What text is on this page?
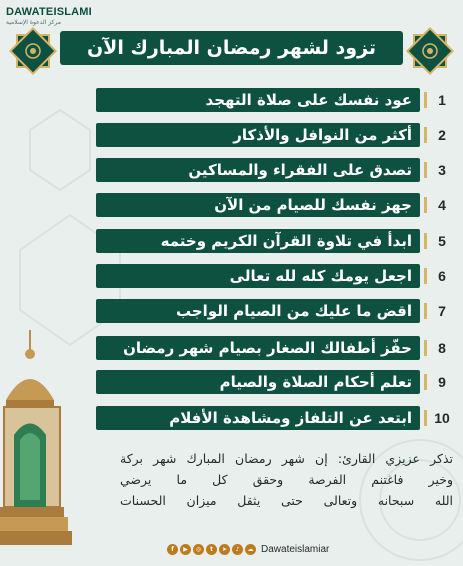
DAWATEISLAMI
مركز الدعوة الإسلامية
تزود لشهر رمضان المبارك الآن
عود نفسك على صلاة التهجد	1
أكثر من النوافل والأذكار	2
تصدق على الفقراء والمساكين	3
جهز نفسك للصيام من الآن	4
ابدأ في تلاوة القرآن الكريم وختمه	5
اجعل يومك كله لله تعالى	6
اقض ما عليك من الصيام الواجب	7
حفّز أطفالك الصغار بصيام شهر رمضان	8
تعلم أحكام الصلاة والصيام	9
ابتعد عن التلفاز ومشاهدة الأفلام	10
تذكر عزيزي القارئ: إن شهر رمضان المبارك شهر بركة
وخير فاغتنم الفرصة وحقق كل ما يرضي
الله سبحانه وتعالى حتى يثقل ميزان الحسنات
f	▶	◎	t	➤	♪	☁ Dawateislamiar
